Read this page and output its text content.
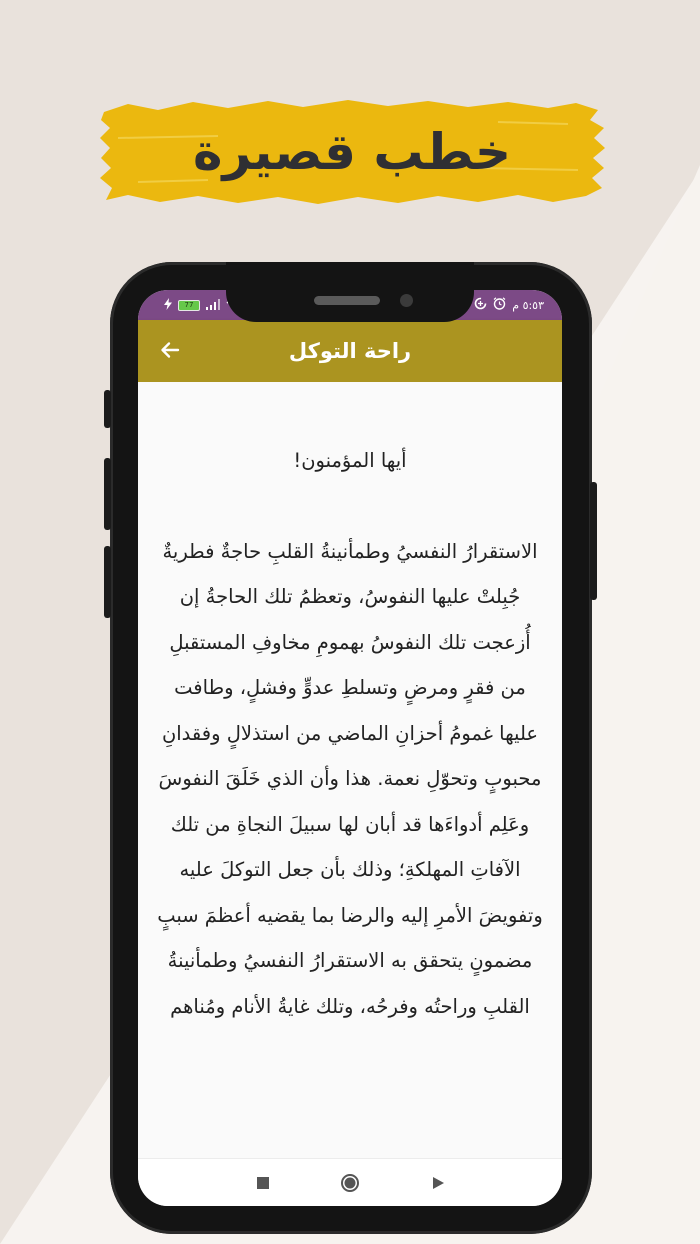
خطب قصيرة
77	٥:٥٣ م
راحة التوكل

أيها المؤمنون!

الاستقرارُ النفسيُ وطمأنينةُ القلبِ حاجةٌ فطريةٌ جُبِلتْ عليها النفوسُ، وتعظمُ تلك الحاجةُ إن أُزعجت تلك النفوسُ بهمومِ مخاوفِ المستقبلِ من فقرٍ ومرضٍ وتسلطِ عدوٍّ وفشلٍ، وطافت عليها غمومُ أحزانِ الماضي من استذلالٍ وفقدانِ محبوبٍ وتحوّلِ نعمة. هذا وأن الذي خَلَقَ النفوسَ وعَلِم أدواءَها قد أبان لها سبيلَ النجاةِ من تلك الآفاتِ المهلكةِ؛ وذلك بأن جعل التوكلَ عليه وتفويضَ الأمرِ إليه والرضا بما يقضيه أعظمَ سببٍ مضمونٍ يتحقق به الاستقرارُ النفسيُ وطمأنينةُ القلبِ وراحتُه وفرحُه، وتلك غايةُ الأنام ومُناهم
